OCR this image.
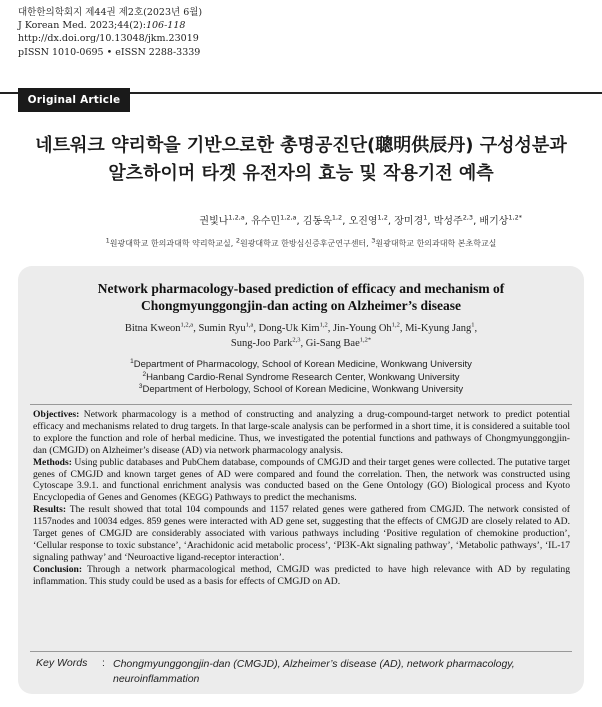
대한한의학회지 제44권 제2호(2023년 6월)
J Korean Med. 2023;44(2):106-118
http://dx.doi.org/10.13048/jkm.23019
pISSN 1010-0695 • eISSN 2288-3339
Original Article
네트워크 약리학을 기반으로한 총명공진단(聰明供辰丹) 구성성분과
알츠하이머 타겟 유전자의 효능 및 작용기전 예측
권빛나$^{1,2,a}$, 유수민$^{1,2,a}$, 김동욱$^{1,2}$, 오진영$^{1,2}$, 장미경$^1$, 박성주$^{2,3}$, 배기상$^{1,2*}$
$^1$원광대학교 한의과대학 약리학교실, $^2$원광대학교 한방심신증후군연구센터, $^3$원광대학교 한의과대학 본초학교실
Network pharmacology-based prediction of efficacy and mechanism of
Chongmyunggongjin-dan acting on Alzheimer’s disease
Bitna Kweon$^{1,2,a}$, Sumin Ryu$^{1,a}$, Dong-Uk Kim$^{1,2}$, Jin-Young Oh$^{1,2}$, Mi-Kyung Jang$^1$,
Sung-Joo Park$^{2,3}$, Gi-Sang Bae$^{1,2*}$
$^1$Department of Pharmacology, School of Korean Medicine, Wonkwang University
$^2$Hanbang Cardio-Renal Syndrome Research Center, Wonkwang University
$^3$Department of Herbology, School of Korean Medicine, Wonkwang University

Objectives: Network pharmacology is a method of constructing and analyzing a drug-compound-target network to predict potential efficacy and mechanisms related to drug targets. In that large-scale analysis can be performed in a short time, it is considered a suitable tool to explore the function and role of herbal medicine. Thus, we investigated the potential functions and pathways of Chongmyunggongjin-dan (CMGJD) on Alzheimer’s disease (AD) via network pharmacology analysis.

Methods: Using public databases and PubChem database, compounds of CMGJD and their target genes were collected. The putative target genes of CMGJD and known target genes of AD were compared and found the correlation. Then, the network was constructed using Cytoscape 3.9.1. and functional enrichment analysis was conducted based on the Gene Ontology (GO) Biological process and Kyoto Encyclopedia of Genes and Genomes (KEGG) Pathways to predict the mechanisms.

Results: The result showed that total 104 compounds and 1157 related genes were gathered from CMGJD. The network consisted of 1157nodes and 10034 edges. 859 genes were interacted with AD gene set, suggesting that the effects of CMGJD are closely related to AD. Target genes of CMGJD are considerably associated with various pathways including ‘Positive regulation of chemokine production’, ‘Cellular response to toxic substance’, ‘Arachidonic acid metabolic process’, ‘PI3K-Akt signaling pathway’, ‘Metabolic pathways’, ‘IL-17 signaling pathway’ and ‘Neuroactive ligand-receptor interaction’.

Conclusion: Through a network pharmacological method, CMGJD was predicted to have high relevance with AD by regulating inflammation. This study could be used as a basis for effects of CMGJD on AD.

Key Words : Chongmyunggongjin-dan (CMGJD), Alzheimer’s disease (AD), network pharmacology, neuroinflammation
